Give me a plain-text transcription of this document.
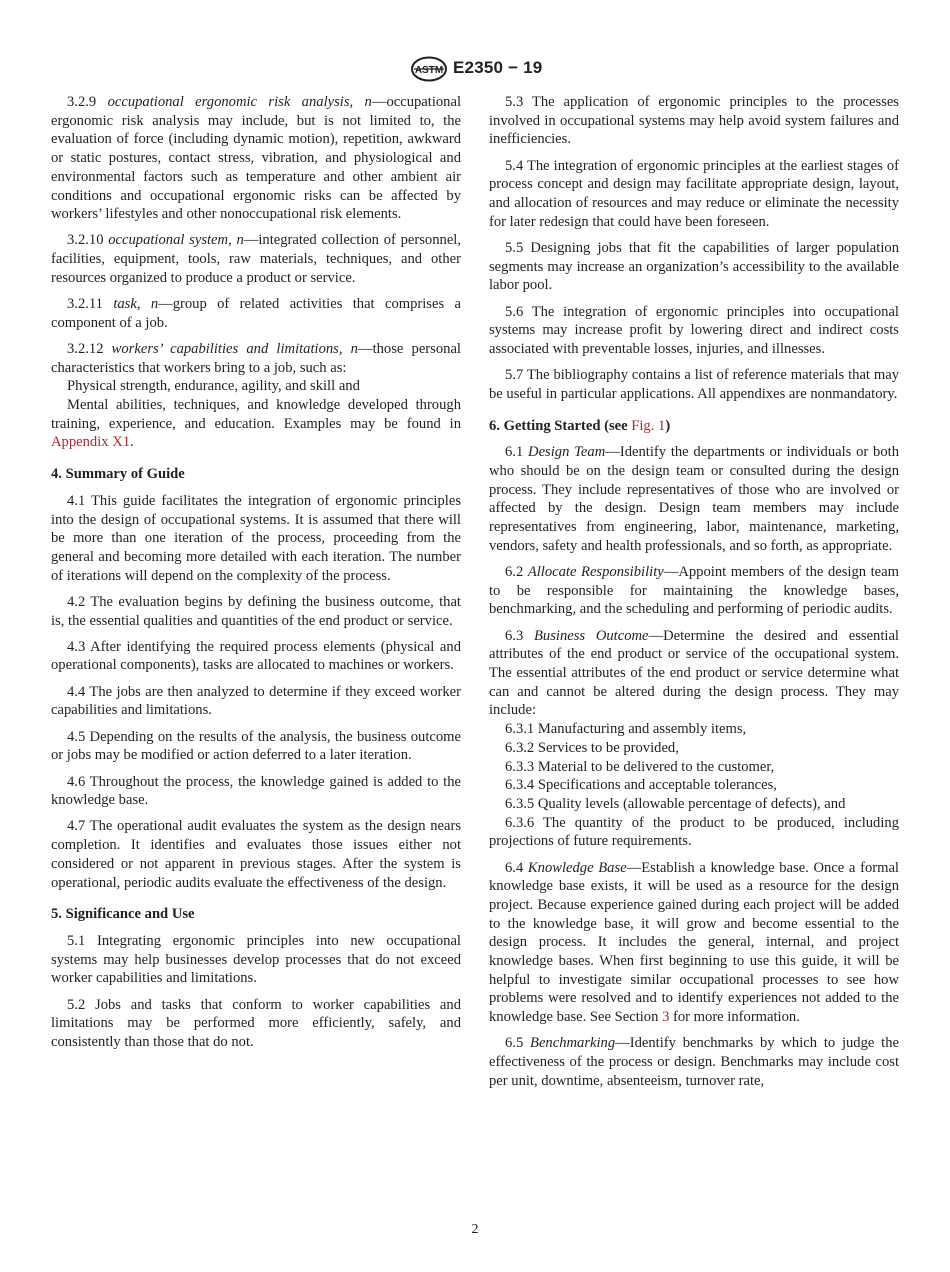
ASTM E2350 − 19

3.2.9 occupational ergonomic risk analysis, n—occupational ergonomic risk analysis may include, but is not limited to, the evaluation of force (including dynamic motion), repetition, awkward or static postures, contact stress, vibration, and physiological and environmental factors such as temperature and other ambient air conditions and occupational ergonomic risks can be affected by workers’ lifestyles and other nonoccupational risk elements.

3.2.10 occupational system, n—integrated collection of personnel, facilities, equipment, tools, raw materials, techniques, and other resources organized to produce a product or service.

3.2.11 task, n—group of related activities that comprises a component of a job.

3.2.12 workers’ capabilities and limitations, n—those personal characteristics that workers bring to a job, such as:

Physical strength, endurance, agility, and skill and

Mental abilities, techniques, and knowledge developed through training, experience, and education. Examples may be found in Appendix X1.

4. Summary of Guide

4.1 This guide facilitates the integration of ergonomic principles into the design of occupational systems. It is assumed that there will be more than one iteration of the process, proceeding from the general and becoming more detailed with each iteration. The number of iterations will depend on the complexity of the process.

4.2 The evaluation begins by defining the business outcome, that is, the essential qualities and quantities of the end product or service.

4.3 After identifying the required process elements (physical and operational components), tasks are allocated to machines or workers.

4.4 The jobs are then analyzed to determine if they exceed worker capabilities and limitations.

4.5 Depending on the results of the analysis, the business outcome or jobs may be modified or action deferred to a later iteration.

4.6 Throughout the process, the knowledge gained is added to the knowledge base.

4.7 The operational audit evaluates the system as the design nears completion. It identifies and evaluates those issues either not considered or not apparent in previous stages. After the system is operational, periodic audits evaluate the effectiveness of the design.

5. Significance and Use

5.1 Integrating ergonomic principles into new occupational systems may help businesses develop processes that do not exceed worker capabilities and limitations.

5.2 Jobs and tasks that conform to worker capabilities and limitations may be performed more efficiently, safely, and consistently than those that do not.

5.3 The application of ergonomic principles to the processes involved in occupational systems may help avoid system failures and inefficiencies.

5.4 The integration of ergonomic principles at the earliest stages of process concept and design may facilitate appropriate design, layout, and allocation of resources and may reduce or eliminate the necessity for later redesign that could have been foreseen.

5.5 Designing jobs that fit the capabilities of larger population segments may increase an organization’s accessibility to the available labor pool.

5.6 The integration of ergonomic principles into occupational systems may increase profit by lowering direct and indirect costs associated with preventable losses, injuries, and illnesses.

5.7 The bibliography contains a list of reference materials that may be useful in particular applications. All appendixes are nonmandatory.

6. Getting Started (see Fig. 1)

6.1 Design Team—Identify the departments or individuals or both who should be on the design team or consulted during the design process. They include representatives of those who are involved or affected by the design. Design team members may include representatives from engineering, labor, maintenance, marketing, vendors, safety and health professionals, and so forth, as appropriate.

6.2 Allocate Responsibility—Appoint members of the design team to be responsible for maintaining the knowledge bases, benchmarking, and the scheduling and performing of periodic audits.

6.3 Business Outcome—Determine the desired and essential attributes of the end product or service of the occupational system. The essential attributes of the end product or service determine what can and cannot be altered during the design process. They may include:

6.3.1 Manufacturing and assembly items,

6.3.2 Services to be provided,

6.3.3 Material to be delivered to the customer,

6.3.4 Specifications and acceptable tolerances,

6.3.5 Quality levels (allowable percentage of defects), and

6.3.6 The quantity of the product to be produced, including projections of future requirements.

6.4 Knowledge Base—Establish a knowledge base. Once a formal knowledge base exists, it will be used as a resource for the design project. Because experience gained during each project will be added to the knowledge base, it will grow and become essential to the design process. It includes the general, internal, and project knowledge bases. When first beginning to use this guide, it will be helpful to investigate similar occupational processes to see how problems were resolved and to identify experiences not added to the knowledge base. See Section 3 for more information.

6.5 Benchmarking—Identify benchmarks by which to judge the effectiveness of the process or design. Benchmarks may include cost per unit, downtime, absenteeism, turnover rate,

2
